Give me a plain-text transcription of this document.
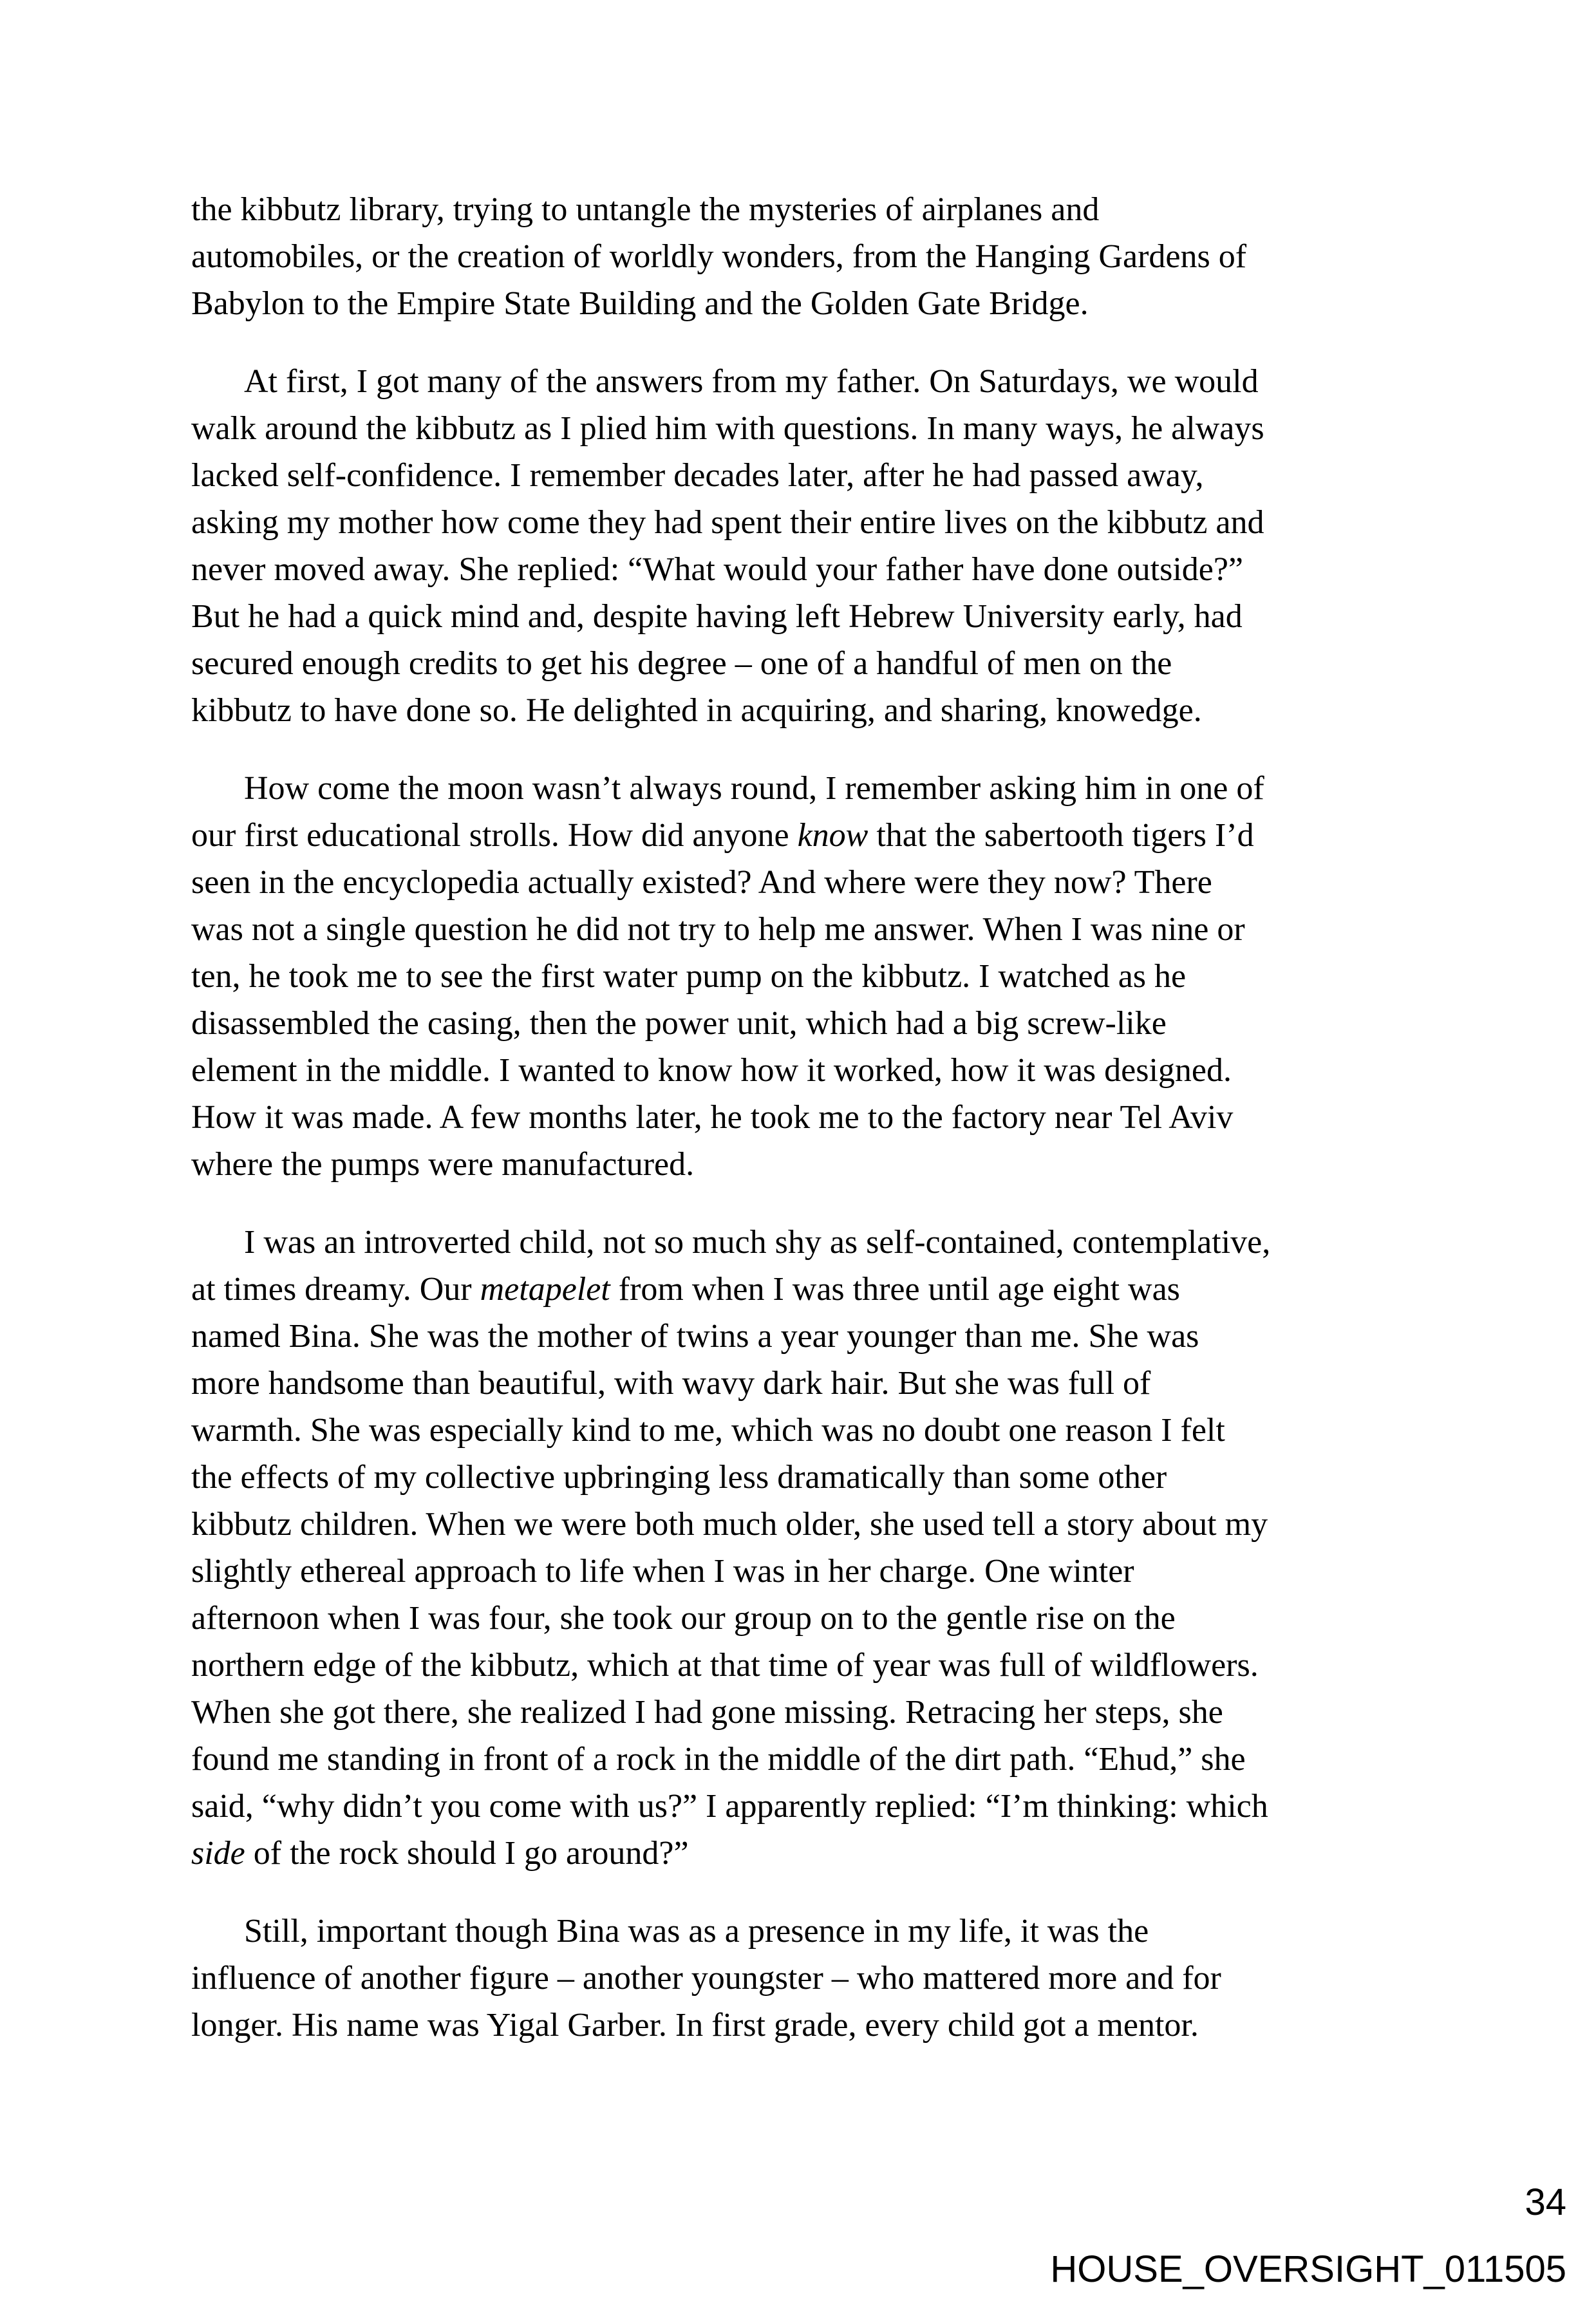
the kibbutz library, trying to untangle the mysteries of airplanes and
automobiles, or the creation of worldly wonders, from the Hanging Gardens of
Babylon to the Empire State Building and the Golden Gate Bridge.
At first, I got many of the answers from my father. On Saturdays, we would
walk around the kibbutz as I plied him with questions. In many ways, he always
lacked self-confidence. I remember decades later, after he had passed away,
asking my mother how come they had spent their entire lives on the kibbutz and
never moved away. She replied: “What would your father have done outside?”
But he had a quick mind and, despite having left Hebrew University early, had
secured enough credits to get his degree – one of a handful of men on the
kibbutz to have done so. He delighted in acquiring, and sharing, knowedge.
How come the moon wasn’t always round, I remember asking him in one of
our first educational strolls. How did anyone know that the sabertooth tigers I’d
seen in the encyclopedia actually existed? And where were they now? There
was not a single question he did not try to help me answer. When I was nine or
ten, he took me to see the first water pump on the kibbutz. I watched as he
disassembled the casing, then the power unit, which had a big screw-like
element in the middle. I wanted to know how it worked, how it was designed.
How it was made. A few months later, he took me to the factory near Tel Aviv
where the pumps were manufactured.
I was an introverted child, not so much shy as self-contained, contemplative,
at times dreamy. Our metapelet from when I was three until age eight was
named Bina. She was the mother of twins a year younger than me. She was
more handsome than beautiful, with wavy dark hair. But she was full of
warmth. She was especially kind to me, which was no doubt one reason I felt
the effects of my collective upbringing less dramatically than some other
kibbutz children. When we were both much older, she used tell a story about my
slightly ethereal approach to life when I was in her charge. One winter
afternoon when I was four, she took our group on to the gentle rise on the
northern edge of the kibbutz, which at that time of year was full of wildflowers.
When she got there, she realized I had gone missing. Retracing her steps, she
found me standing in front of a rock in the middle of the dirt path. “Ehud,” she
said, “why didn’t you come with us?” I apparently replied: “I’m thinking: which
side of the rock should I go around?”
Still, important though Bina was as a presence in my life, it was the
influence of another figure – another youngster – who mattered more and for
longer. His name was Yigal Garber. In first grade, every child got a mentor.
34
HOUSE_OVERSIGHT_011505
